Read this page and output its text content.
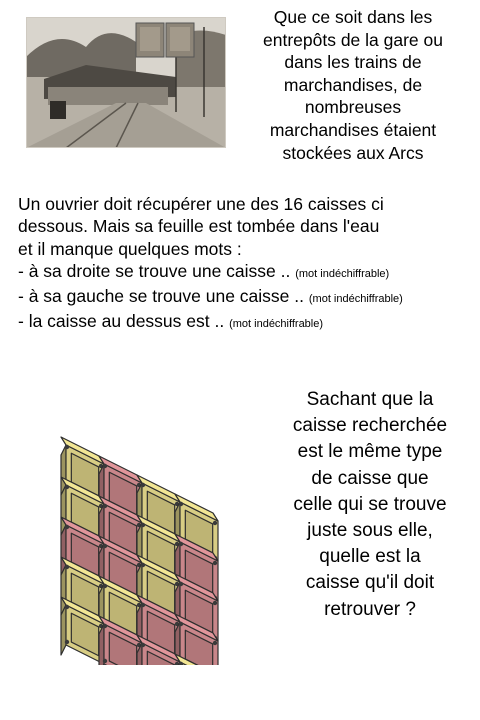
Que ce soit dans les
entrepôts de la gare ou
dans les trains de
marchandises, de
nombreuses
marchandises étaient
stockées aux Arcs
Un ouvrier doit récupérer une des 16 caisses ci
dessous. Mais sa feuille est tombée dans l'eau
et il manque quelques mots :
- à sa droite se trouve une caisse .. (mot indéchiffrable)
- à sa gauche se trouve une caisse .. (mot indéchiffrable)
- la caisse au dessus est .. (mot indéchiffrable)
Sachant que la
caisse recherchée
est le même type
de caisse que
celle qui se trouve
juste sous elle,
quelle est la
caisse qu'il doit
retrouver ?
